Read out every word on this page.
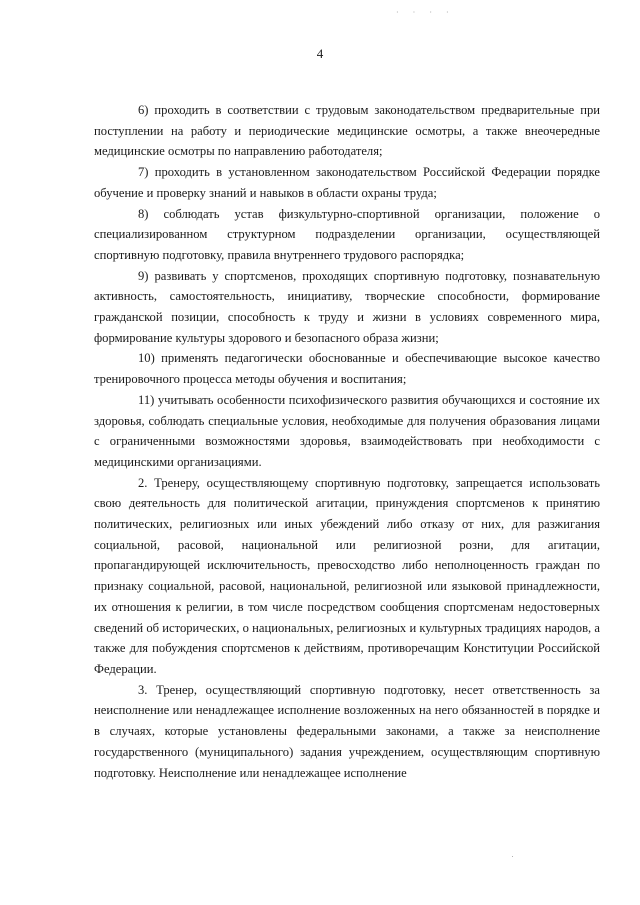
· · · ·
4

6) проходить в соответствии с трудовым законодательством предварительные при поступлении на работу и периодические медицинские осмотры, а также внеочередные медицинские осмотры по направлению работодателя;

7) проходить в установленном законодательством Российской Федерации порядке обучение и проверку знаний и навыков в области охраны труда;

8) соблюдать устав физкультурно-спортивной организации, положение о специализированном структурном подразделении организации, осуществляющей спортивную подготовку, правила внутреннего трудового распорядка;

9) развивать у спортсменов, проходящих спортивную подготовку, познавательную активность, самостоятельность, инициативу, творческие способности, формирование гражданской позиции, способность к труду и жизни в условиях современного мира, формирование культуры здорового и безопасного образа жизни;

10) применять педагогически обоснованные и обеспечивающие высокое качество тренировочного процесса методы обучения и воспитания;

11) учитывать особенности психофизического развития обучающихся и состояние их здоровья, соблюдать специальные условия, необходимые для получения образования лицами с ограниченными возможностями здоровья, взаимодействовать при необходимости с медицинскими организациями.

2. Тренеру, осуществляющему спортивную подготовку, запрещается использовать свою деятельность для политической агитации, принуждения спортсменов к принятию политических, религиозных или иных убеждений либо отказу от них, для разжигания социальной, расовой, национальной или религиозной розни, для агитации, пропагандирующей исключительность, превосходство либо неполноценность граждан по признаку социальной, расовой, национальной, религиозной или языковой принадлежности, их отношения к религии, в том числе посредством сообщения спортсменам недостоверных сведений об исторических, о национальных, религиозных и культурных традициях народов, а также для побуждения спортсменов к действиям, противоречащим Конституции Российской Федерации.

3. Тренер, осуществляющий спортивную подготовку, несет ответственность за неисполнение или ненадлежащее исполнение возложенных на него обязанностей в порядке и в случаях, которые установлены федеральными законами, а также за неисполнение государственного (муниципального) задания учреждением, осуществляющим спортивную подготовку. Неисполнение или ненадлежащее исполнение
